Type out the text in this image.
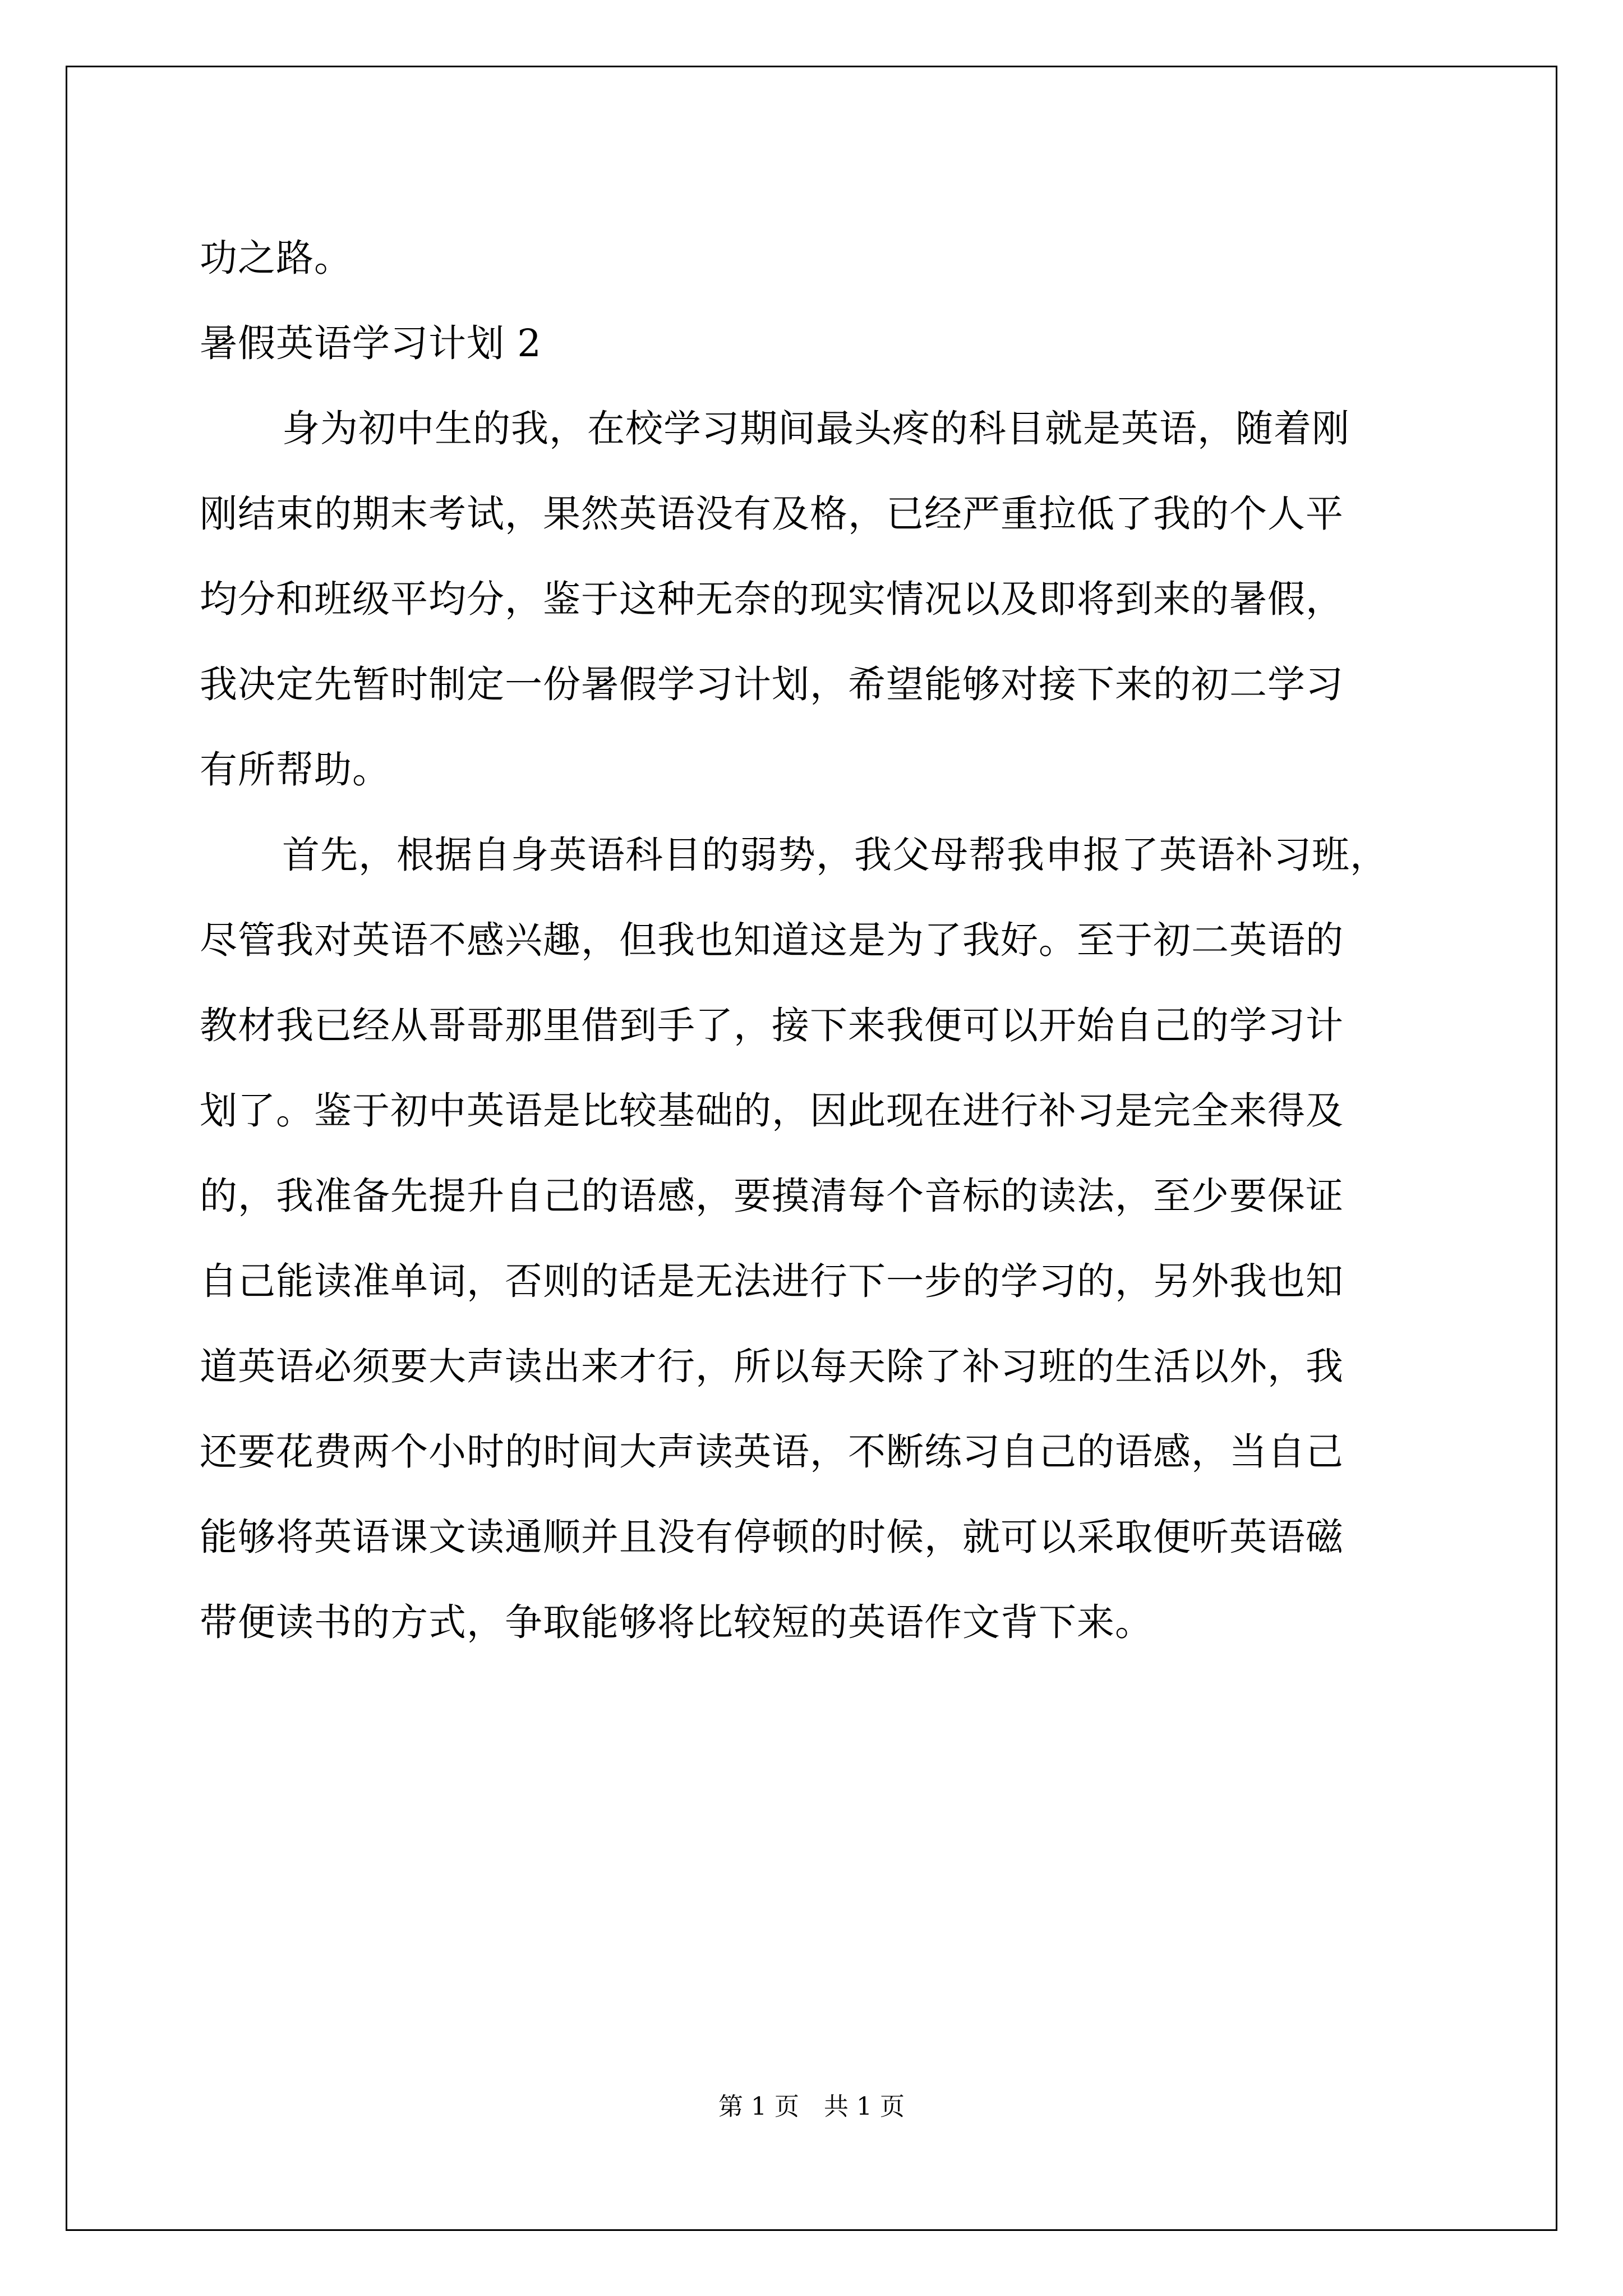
功之路。
暑假英语学习计划 2
身为初中生的我，在校学习期间最头疼的科目就是英语，随着刚
刚结束的期末考试，果然英语没有及格，已经严重拉低了我的个人平
均分和班级平均分，鉴于这种无奈的现实情况以及即将到来的暑假，
我决定先暂时制定一份暑假学习计划，希望能够对接下来的初二学习
有所帮助。
首先，根据自身英语科目的弱势，我父母帮我申报了英语补习班，
尽管我对英语不感兴趣，但我也知道这是为了我好。至于初二英语的
教材我已经从哥哥那里借到手了，接下来我便可以开始自己的学习计
划了。鉴于初中英语是比较基础的，因此现在进行补习是完全来得及
的，我准备先提升自己的语感，要摸清每个音标的读法，至少要保证
自己能读准单词，否则的话是无法进行下一步的学习的，另外我也知
道英语必须要大声读出来才行，所以每天除了补习班的生活以外，我
还要花费两个小时的时间大声读英语，不断练习自己的语感，当自己
能够将英语课文读通顺并且没有停顿的时候，就可以采取便听英语磁
带便读书的方式，争取能够将比较短的英语作文背下来。
第 1 页　共 1 页
